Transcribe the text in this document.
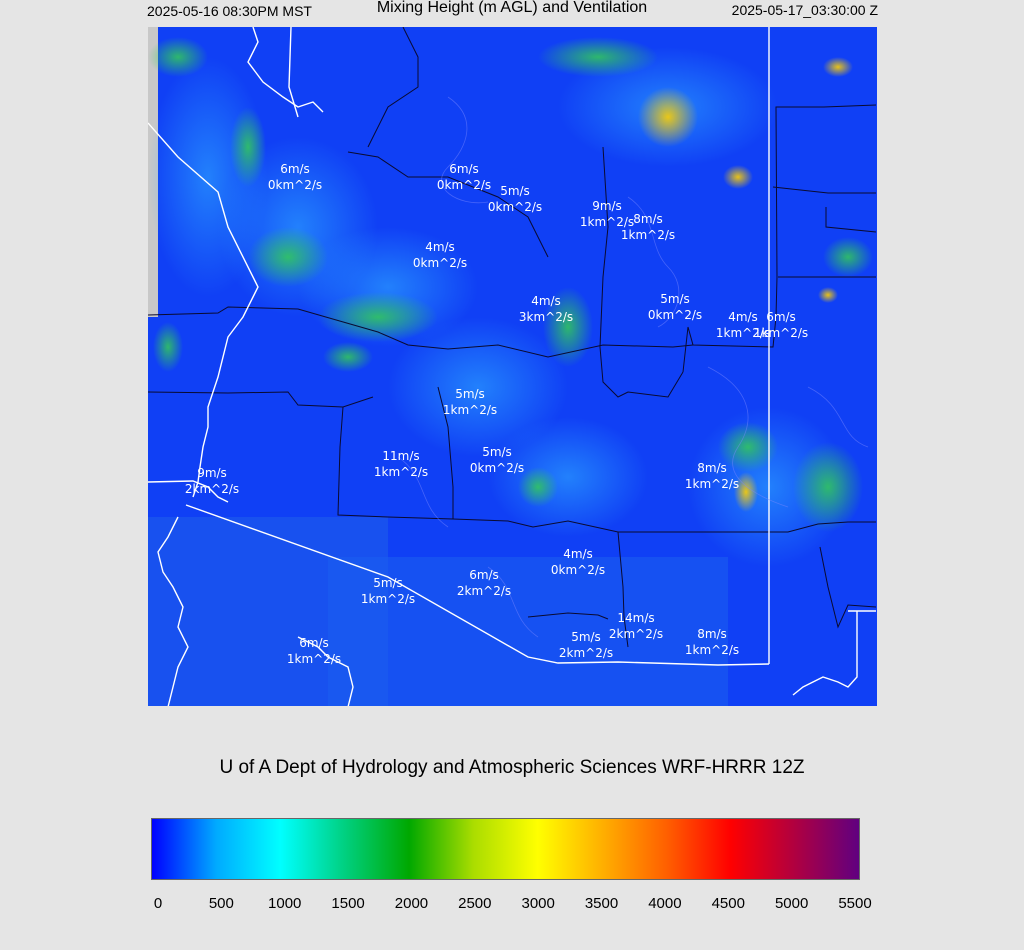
2025-05-16 08:30PM MST	Mixing Height (m AGL) and Ventilation	2025-05-17_03:30:00 Z
6m/s
0km^2/s
6m/s
0km^2/s 5m/s
0km^2/s	9m/s
1km^2/s 8m/s
1km^2/s
4m/s
0km^2/s
4m/s
3km^2/s
5m/s
0km^2/s 4m/s
1km^2/s
6m/s
1km^2/s
5m/s
1km^2/s
11m/s
1km^2/s
5m/s
0km^2/s	8m/s
1km^2/s
9m/s
2km^2/s
4m/s
0km^2/s
5m/s
1km^2/s
6m/s
2km^2/s
14m/s
2km^2/s
5m/s
2km^2/s
8m/s
1km^2/s
6m/s
1km^2/s
U of A Dept of Hydrology and Atmospheric Sciences WRF-HRRR 12Z
0	500 1000 1500 2000 2500 3000 3500 4000 4500 5000 5500
